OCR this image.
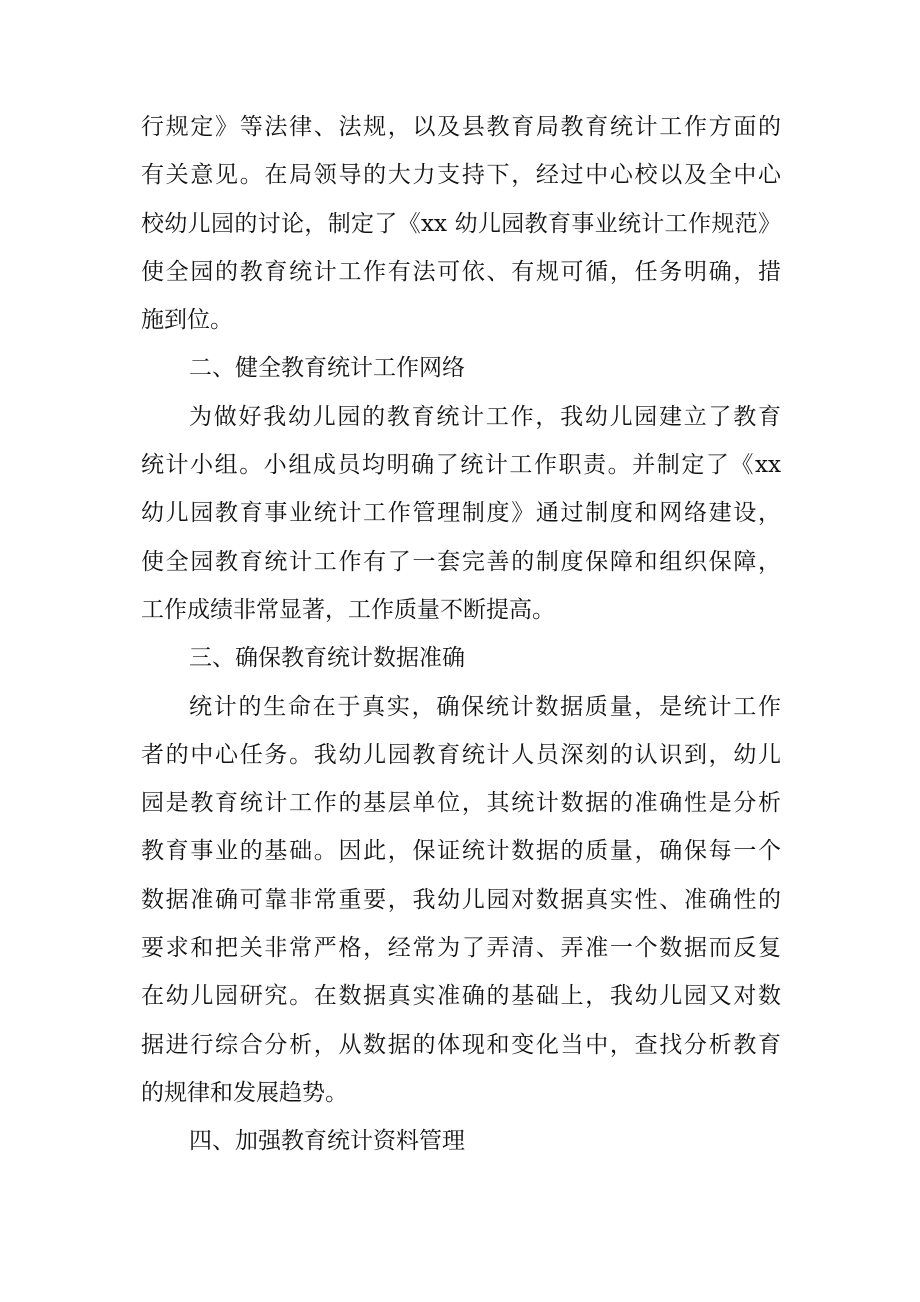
行规定》等法律、法规，以及县教育局教育统计工作方面的
有关意见。在局领导的大力支持下，经过中心校以及全中心
校幼儿园的讨论，制定了《xx 幼儿园教育事业统计工作规范》
使全园的教育统计工作有法可依、有规可循，任务明确，措
施到位。
二、健全教育统计工作网络
为做好我幼儿园的教育统计工作，我幼儿园建立了教育
统计小组。小组成员均明确了统计工作职责。并制定了《xx
幼儿园教育事业统计工作管理制度》通过制度和网络建设，
使全园教育统计工作有了一套完善的制度保障和组织保障，
工作成绩非常显著，工作质量不断提高。
三、确保教育统计数据准确
统计的生命在于真实，确保统计数据质量，是统计工作
者的中心任务。我幼儿园教育统计人员深刻的认识到，幼儿
园是教育统计工作的基层单位，其统计数据的准确性是分析
教育事业的基础。因此，保证统计数据的质量，确保每一个
数据准确可靠非常重要，我幼儿园对数据真实性、准确性的
要求和把关非常严格，经常为了弄清、弄准一个数据而反复
在幼儿园研究。在数据真实准确的基础上，我幼儿园又对数
据进行综合分析，从数据的体现和变化当中，查找分析教育
的规律和发展趋势。
四、加强教育统计资料管理
